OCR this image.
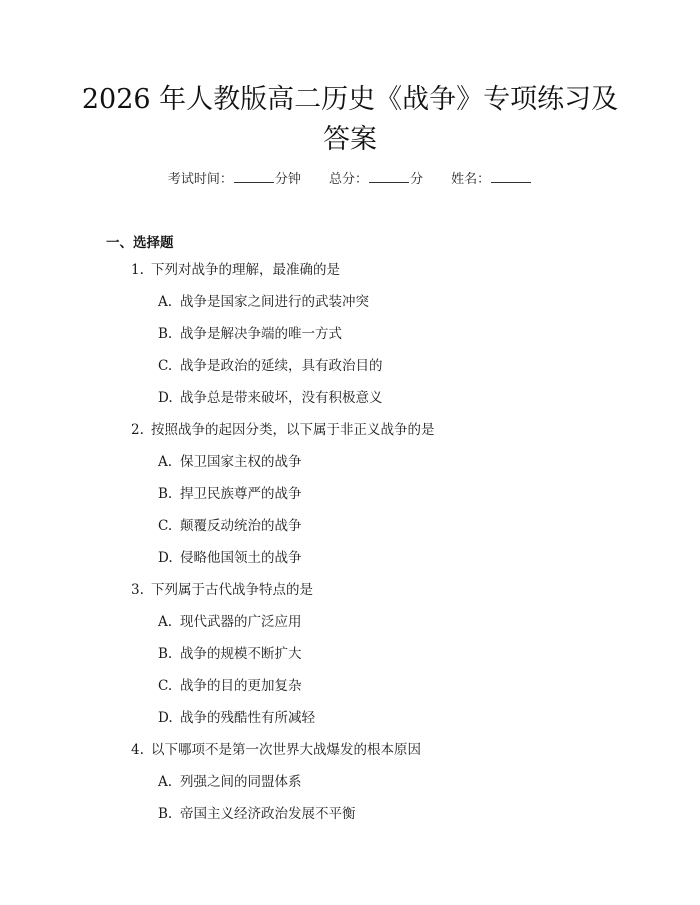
2026 年人教版高二历史《战争》专项练习及答案
考试时间：	分钟 总分：	分 姓名：
一、选择题
1. 下列对战争的理解，最准确的是
A. 战争是国家之间进行的武装冲突
B. 战争是解决争端的唯一方式
C. 战争是政治的延续，具有政治目的
D. 战争总是带来破坏，没有积极意义
2. 按照战争的起因分类，以下属于非正义战争的是
A. 保卫国家主权的战争
B. 捍卫民族尊严的战争
C. 颠覆反动统治的战争
D. 侵略他国领土的战争
3. 下列属于古代战争特点的是
A. 现代武器的广泛应用
B. 战争的规模不断扩大
C. 战争的目的更加复杂
D. 战争的残酷性有所减轻
4. 以下哪项不是第一次世界大战爆发的根本原因
A. 列强之间的同盟体系
B. 帝国主义经济政治发展不平衡
